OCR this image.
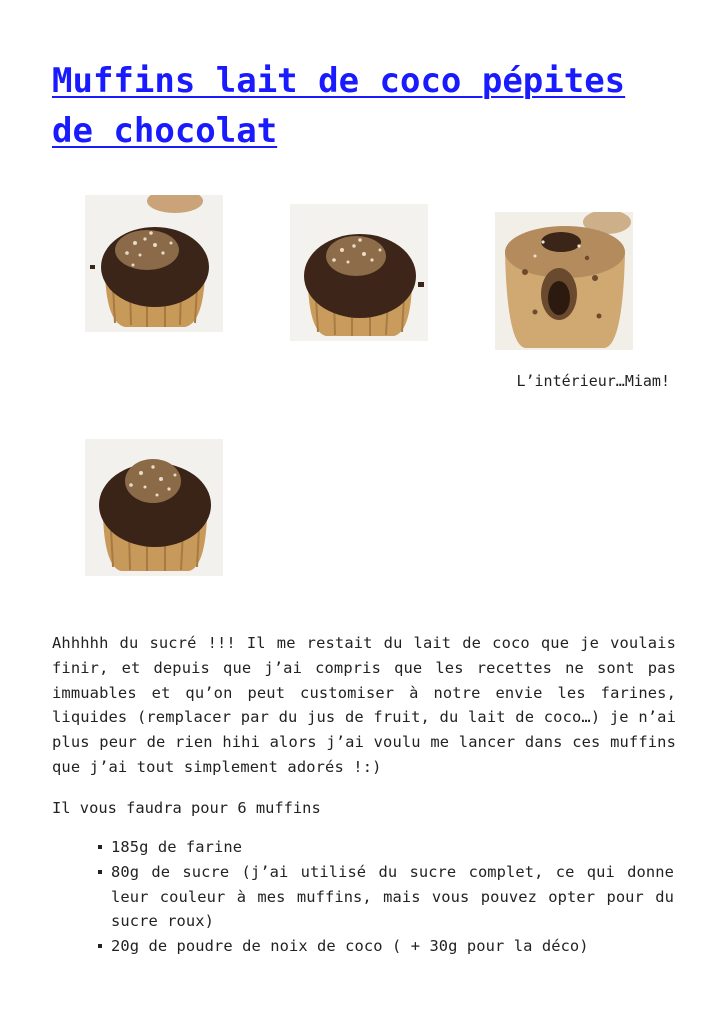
Muffins lait de coco pépites de chocolat

L’intérieur…Miam!

Ahhhhh du sucré !!! Il me restait du lait de coco que je voulais finir, et depuis que j’ai compris que les recettes ne sont pas immuables et qu’on peut customiser à notre envie les farines, liquides (remplacer par du jus de fruit, du lait de coco…) je n’ai plus peur de rien hihi alors j’ai voulu me lancer dans ces muffins que j’ai tout simplement adorés !:)

Il vous faudra pour 6 muffins

185g de farine
80g de sucre (j’ai utilisé du sucre complet, ce qui donne leur couleur à mes muffins, mais vous pouvez opter pour du sucre roux)
20g de poudre de noix de coco ( + 30g pour la déco)
